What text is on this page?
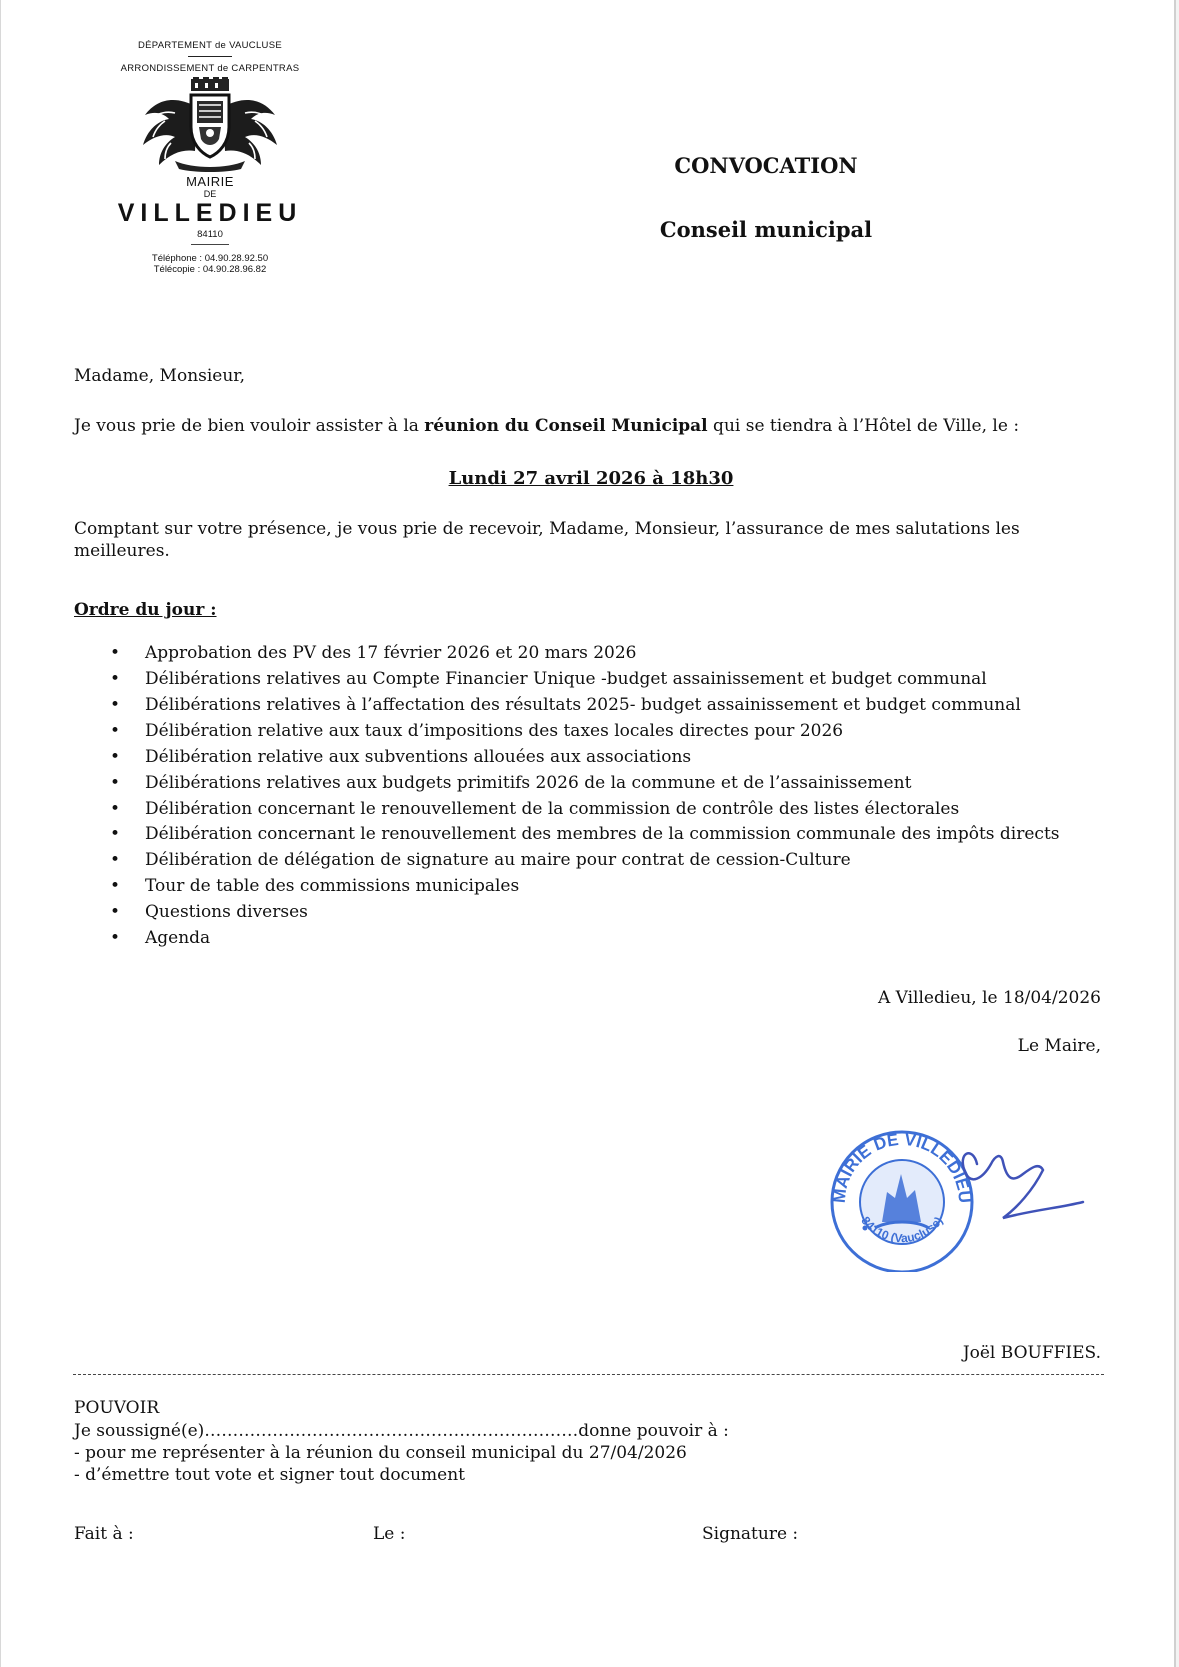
DÉPARTEMENT de VAUCLUSE
ARRONDISSEMENT de CARPENTRAS
MAIRIE
DE
VILLEDIEU
84110
Téléphone : 04.90.28.92.50
Télécopie : 04.90.28.96.82
CONVOCATION
Conseil municipal
Madame, Monsieur,
Je vous prie de bien vouloir assister à la réunion du Conseil Municipal qui se tiendra à l’Hôtel de Ville, le :
Lundi 27 avril 2026 à 18h30
Comptant sur votre présence, je vous prie de recevoir, Madame, Monsieur, l’assurance de mes salutations les meilleures.
Ordre du jour :
• Approbation des PV des 17 février 2026 et 20 mars 2026
• Délibérations relatives au Compte Financier Unique -budget assainissement et budget communal
• Délibérations relatives à l’affectation des résultats 2025- budget assainissement et budget communal
• Délibération relative aux taux d’impositions des taxes locales directes pour 2026
• Délibération relative aux subventions allouées aux associations
• Délibérations relatives aux budgets primitifs 2026 de la commune et de l’assainissement
• Délibération concernant le renouvellement de la commission de contrôle des listes électorales
• Délibération concernant le renouvellement des membres de la commission communale des impôts directs
• Délibération de délégation de signature au maire pour contrat de cession-Culture
• Tour de table des commissions municipales
• Questions diverses
• Agenda
A Villedieu, le 18/04/2026
Le Maire,
MAIRIE DE VILLEDIEU
84110 (Vaucluse)
Joël BOUFFIES.
POUVOIR
Je soussigné(e)…………………………………………………………donne pouvoir à :
- pour me représenter à la réunion du conseil municipal du 27/04/2026
- d’émettre tout vote et signer tout document
Fait à :	Le :	Signature :
